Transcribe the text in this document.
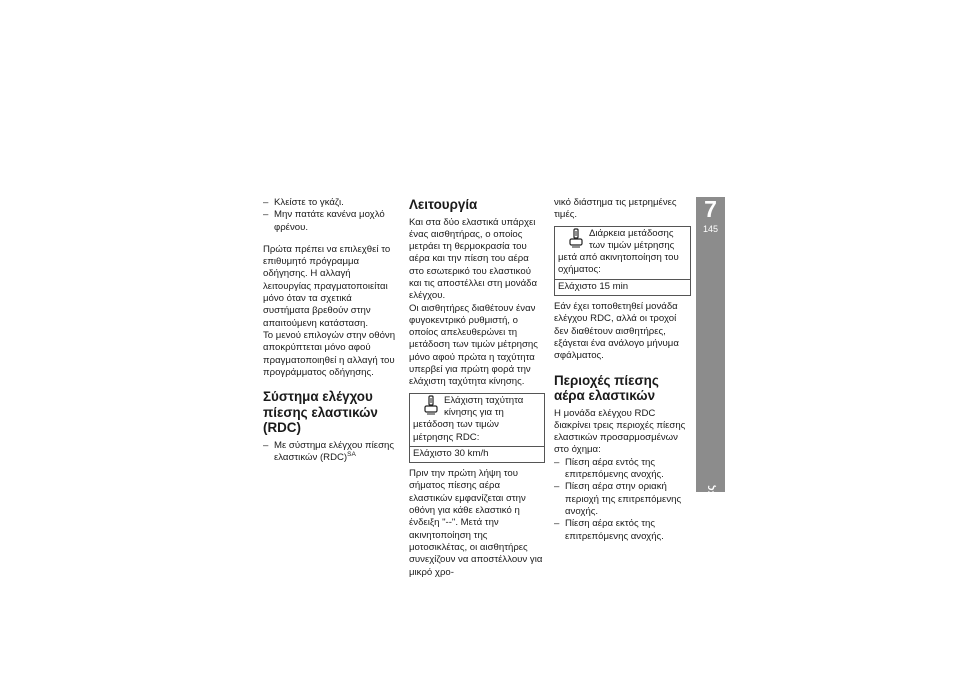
– Κλείστε το γκάζι.
– Μην πατάτε κανένα μοχλό φρένου.

Πρώτα πρέπει να επιλεχθεί το επιθυμητό πρόγραμμα οδήγησης. Η αλλαγή λειτουργίας πραγματοποιείται μόνο όταν τα σχετικά συστήματα βρεθούν στην απαιτούμενη κατάσταση.

Το μενού επιλογών στην οθόνη αποκρύπτεται μόνο αφού πραγματοποιηθεί η αλλαγή του προγράμματος οδήγησης.

Σύστημα ελέγχου πίεσης ελαστικών (RDC)
– Με σύστημα ελέγχου πίεσης ελαστικών (RDC)$^{SA}$
Λειτουργία

Και στα δύο ελαστικά υπάρχει ένας αισθητήρας, ο οποίος μετράει τη θερμοκρασία του αέρα και την πίεση του αέρα στο εσωτερικό του ελαστικού και τις αποστέλλει στη μονάδα ελέγχου.

Οι αισθητήρες διαθέτουν έναν φυγοκεντρικό ρυθμιστή, ο οποίος απελευθερώνει τη μετάδοση των τιμών μέτρησης μόνο αφού πρώτα η ταχύτητα υπερβεί για πρώτη φορά την ελάχιστη ταχύτητα κίνησης.

Ελάχιστη ταχύτητα κίνησης για τη μετάδοση των τιμών μέτρησης RDC:
Ελάχιστο 30 km/h

Πριν την πρώτη λήψη του σήματος πίεσης αέρα ελαστικών εμφανίζεται στην οθόνη για κάθε ελαστικό η ένδειξη "--". Μετά την ακινητοποίηση της μοτοσικλέτας, οι αισθητήρες συνεχίζουν να αποστέλλουν για μικρό χρο-

νικό διάστημα τις μετρημένες τιμές.

Διάρκεια μετάδοσης των τιμών μέτρησης μετά από ακινητοποίηση του οχήματος:
Ελάχιστο 15 min

Εάν έχει τοποθετηθεί μονάδα ελέγχου RDC, αλλά οι τροχοί δεν διαθέτουν αισθητήρες, εξάγεται ένα ανάλογο μήνυμα σφάλματος.

Περιοχές πίεσης αέρα ελαστικών

Η μονάδα ελέγχου RDC διακρίνει τρεις περιοχές πίεσης ελαστικών προσαρμοσμένων στο όχημα:

– Πίεση αέρα εντός της επιτρεπόμενης ανοχής.
– Πίεση αέρα στην οριακή περιοχή της επιτρεπόμενης ανοχής.
– Πίεση αέρα εκτός της επιτρεπόμενης ανοχής.
7
145
Λειτουργία τεχνικές πληροφορίες
